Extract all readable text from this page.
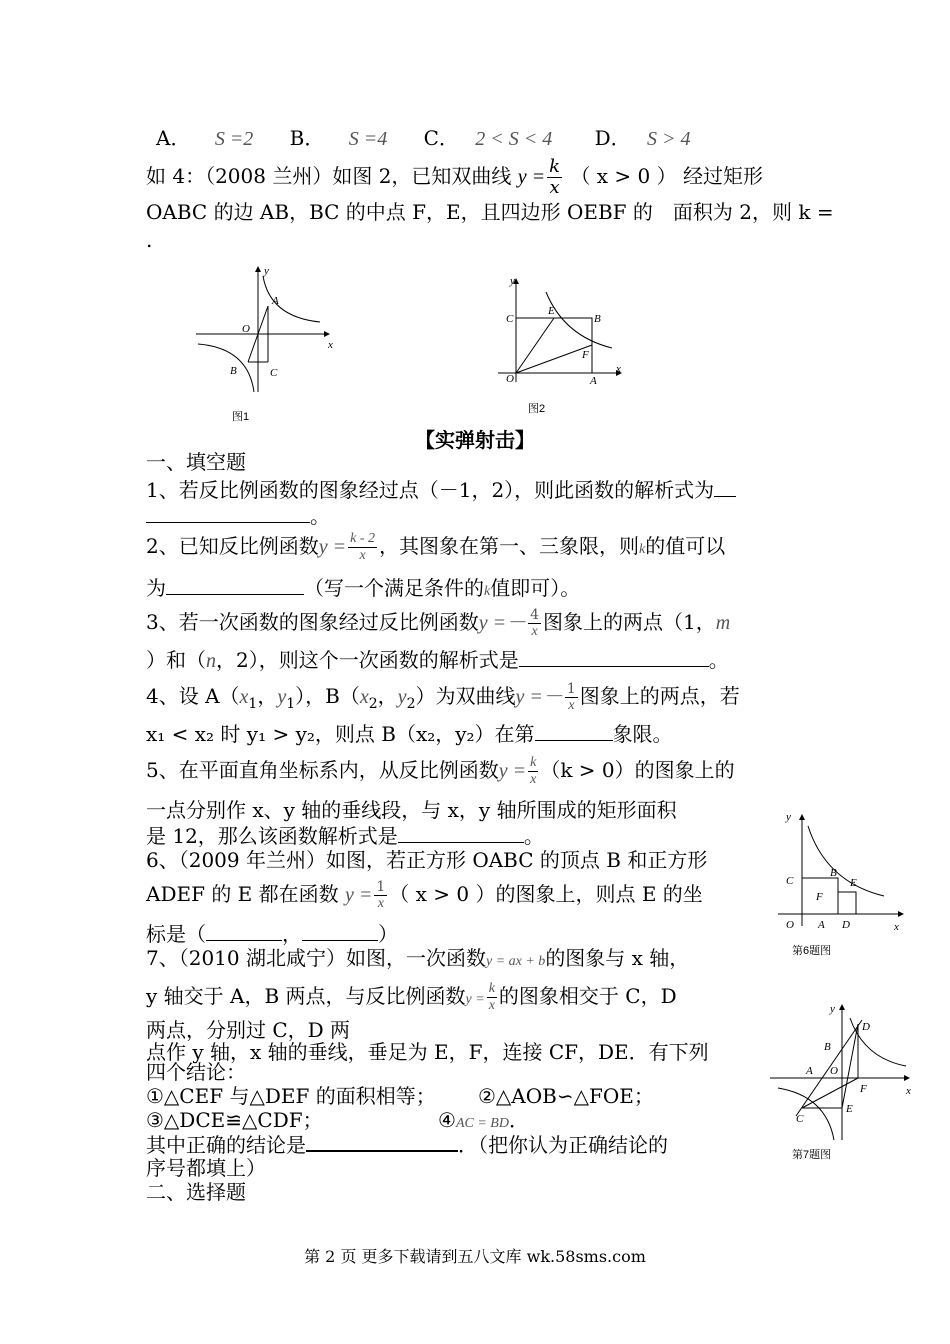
A． S =2 B． S =4 C． 2 < S < 4 D． S > 4
如 4：（2008 兰州）如图 2，已知双曲线 $y = \frac{k}{x}$ （ x > 0 ） 经过矩形
OABC 的边 AB，BC 的中点 F，E，且四边形 OEBF 的　面积为 2，则 k =
.
y
x
A
O
B	C
图1
y
x
E
C	B
F
O	A
图2
【实弹射击】
一、填空题
1、若反比例函数的图象经过点（－1，2），则此函数的解析式为
。
2、已知反比例函数$y = \frac{k - 2}{x}$ ，其图象在第一、三象限，则k的值可以
为	（写一个满足条件的k值即可）。
3、若一次函数的图象经过反比例函数$y =- \frac{4}{x}$ 图象上的两点（1，m
）和（n，2），则这个一次函数的解析式是	。
4、设 $A(x_1$，$y_1$），$B(x_2$，$y_2$）为双曲线$y =- \frac{1}{x}$ 图象上的两点，若
x₁ < x₂ 时 y₁ > y₂，则点 B（x₂，y₂）在第	象限。
5、在平面直角坐标系内，从反比例函数$y = \frac{k}{x} (k > 0)$的图象上的
一点分别作 x、y 轴的垂线段，与 x，y 轴所围成的矩形面积
是 12，那么该函数解析式是	。
6、（2009 年兰州）如图，若正方形 OABC 的顶点 B 和正方形
ADEF 的 E 都在函数 $y = \frac{1}{x}$ （ x > 0 ）的图象上，则点 E 的坐
标是（	，	）
y
x
C
B
F
E
O A D
第6题图
7、（2010 湖北咸宁）如图，一次函数y = ax + b的图象与 x 轴，
y 轴交于 A，B 两点，与反比例函数$y = \frac{k}{x}$ 的图象相交于 C，D
两点，分别过 C，D 两
点作 y 轴，x 轴的垂线，垂足为 E，F，连接 CF，DE．有下列
四个结论：
①△CEF 与△DEF 的面积相等； ②△AOB∽△FOE；
③△DCE≌△CDF；	④AC = BD．
其中正确的结论是	．（把你认为正确结论的
序号都填上）
y
x
D
B
A O
F
C
E
第7题图
二、选择题
第 2 页 更多下载请到五八文库 wk.58sms.com
